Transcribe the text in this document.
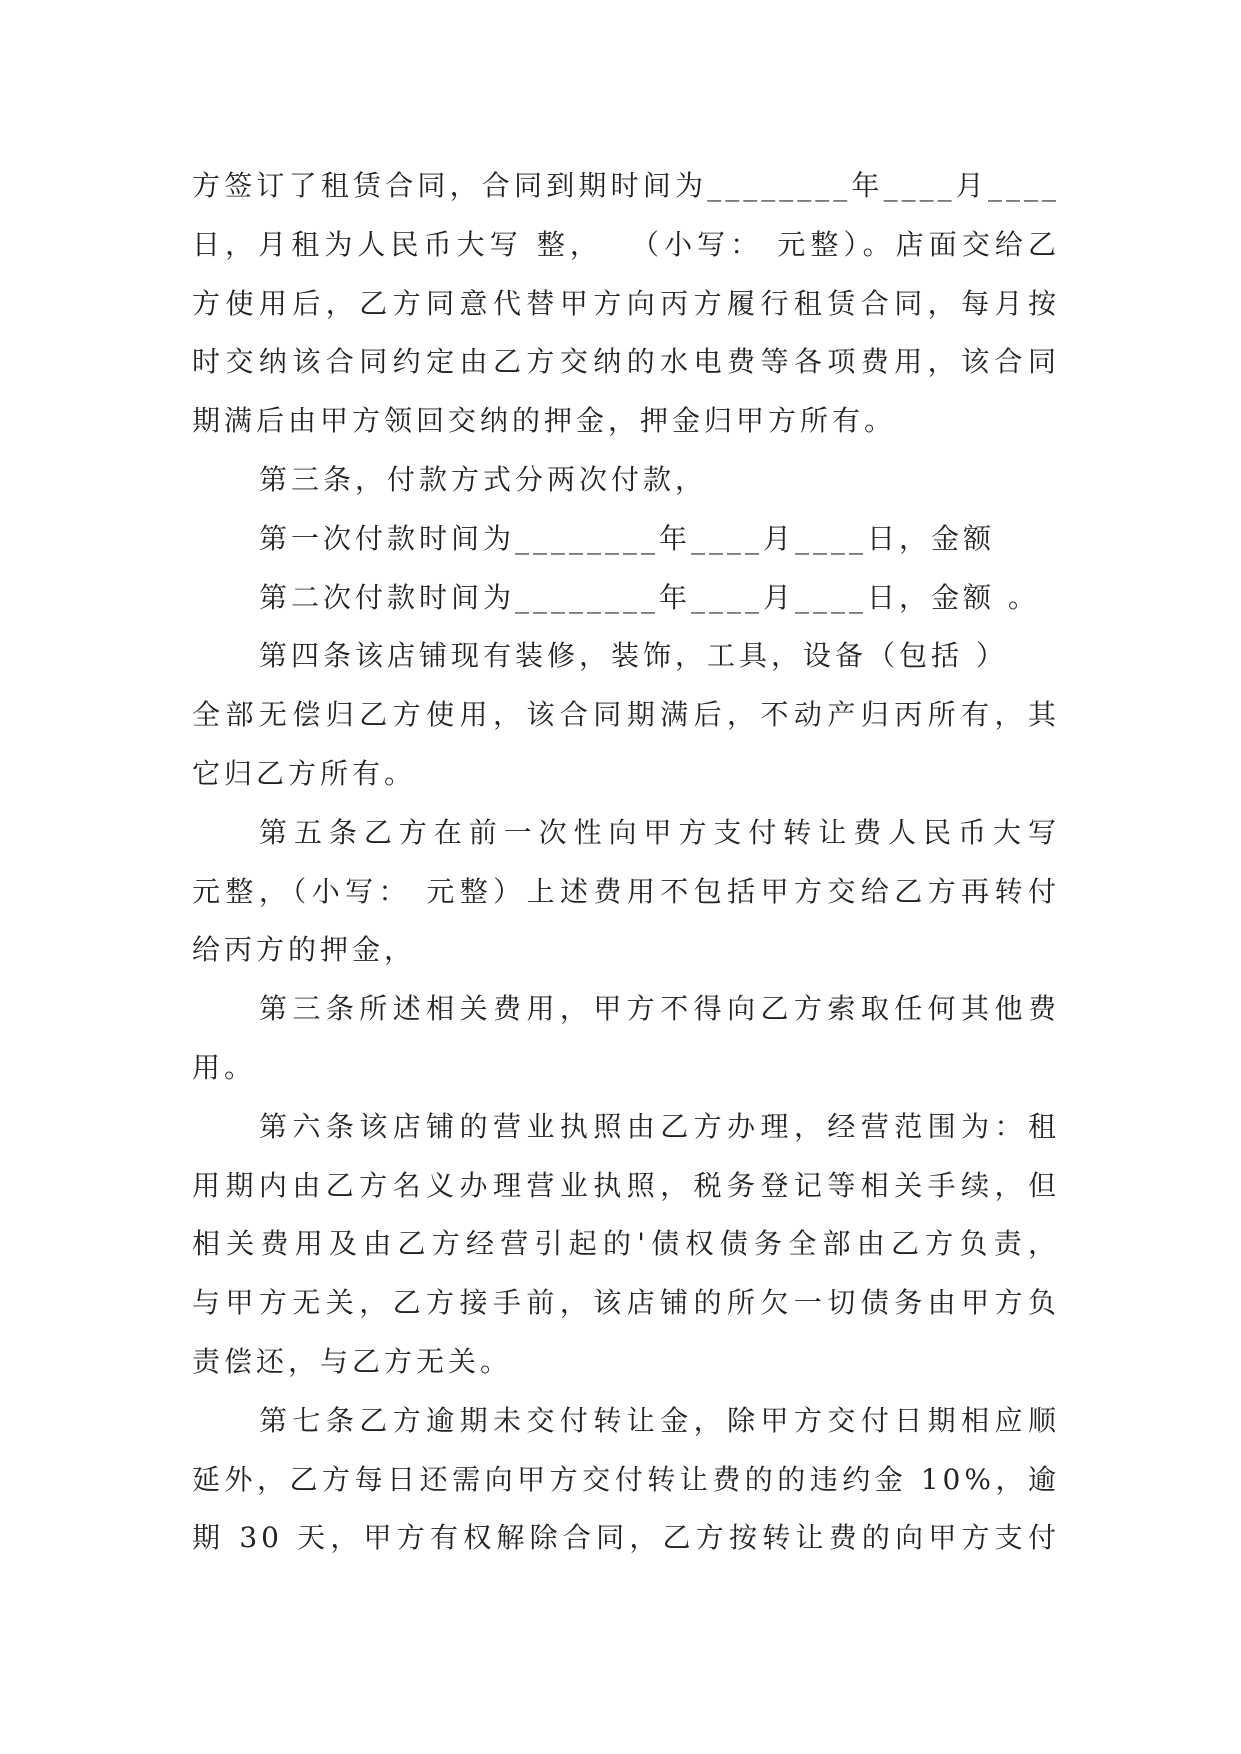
方签订了租赁合同，合同到期时间为________年____月____
日，月租为人民币大写 整，  （小写： 元整）。店面交给乙
方使用后，乙方同意代替甲方向丙方履行租赁合同，每月按
时交纳该合同约定由乙方交纳的水电费等各项费用，该合同
期满后由甲方领回交纳的押金，押金归甲方所有。
第三条，付款方式分两次付款，
第一次付款时间为________年____月____日，金额
第二次付款时间为________年____月____日，金额 。
第四条该店铺现有装修，装饰，工具，设备（包括 ）
全部无偿归乙方使用，该合同期满后，不动产归丙所有，其
它归乙方所有。
第五条乙方在前一次性向甲方支付转让费人民币大写
元整，（小写： 元整）上述费用不包括甲方交给乙方再转付
给丙方的押金，
第三条所述相关费用，甲方不得向乙方索取任何其他费
用。
第六条该店铺的营业执照由乙方办理，经营范围为：租
用期内由乙方名义办理营业执照，税务登记等相关手续，但
相关费用及由乙方经营引起的'债权债务全部由乙方负责，
与甲方无关，乙方接手前，该店铺的所欠一切债务由甲方负
责偿还，与乙方无关。
第七条乙方逾期未交付转让金，除甲方交付日期相应顺
延外，乙方每日还需向甲方交付转让费的的违约金 10%，逾
期 30 天，甲方有权解除合同，乙方按转让费的向甲方支付
